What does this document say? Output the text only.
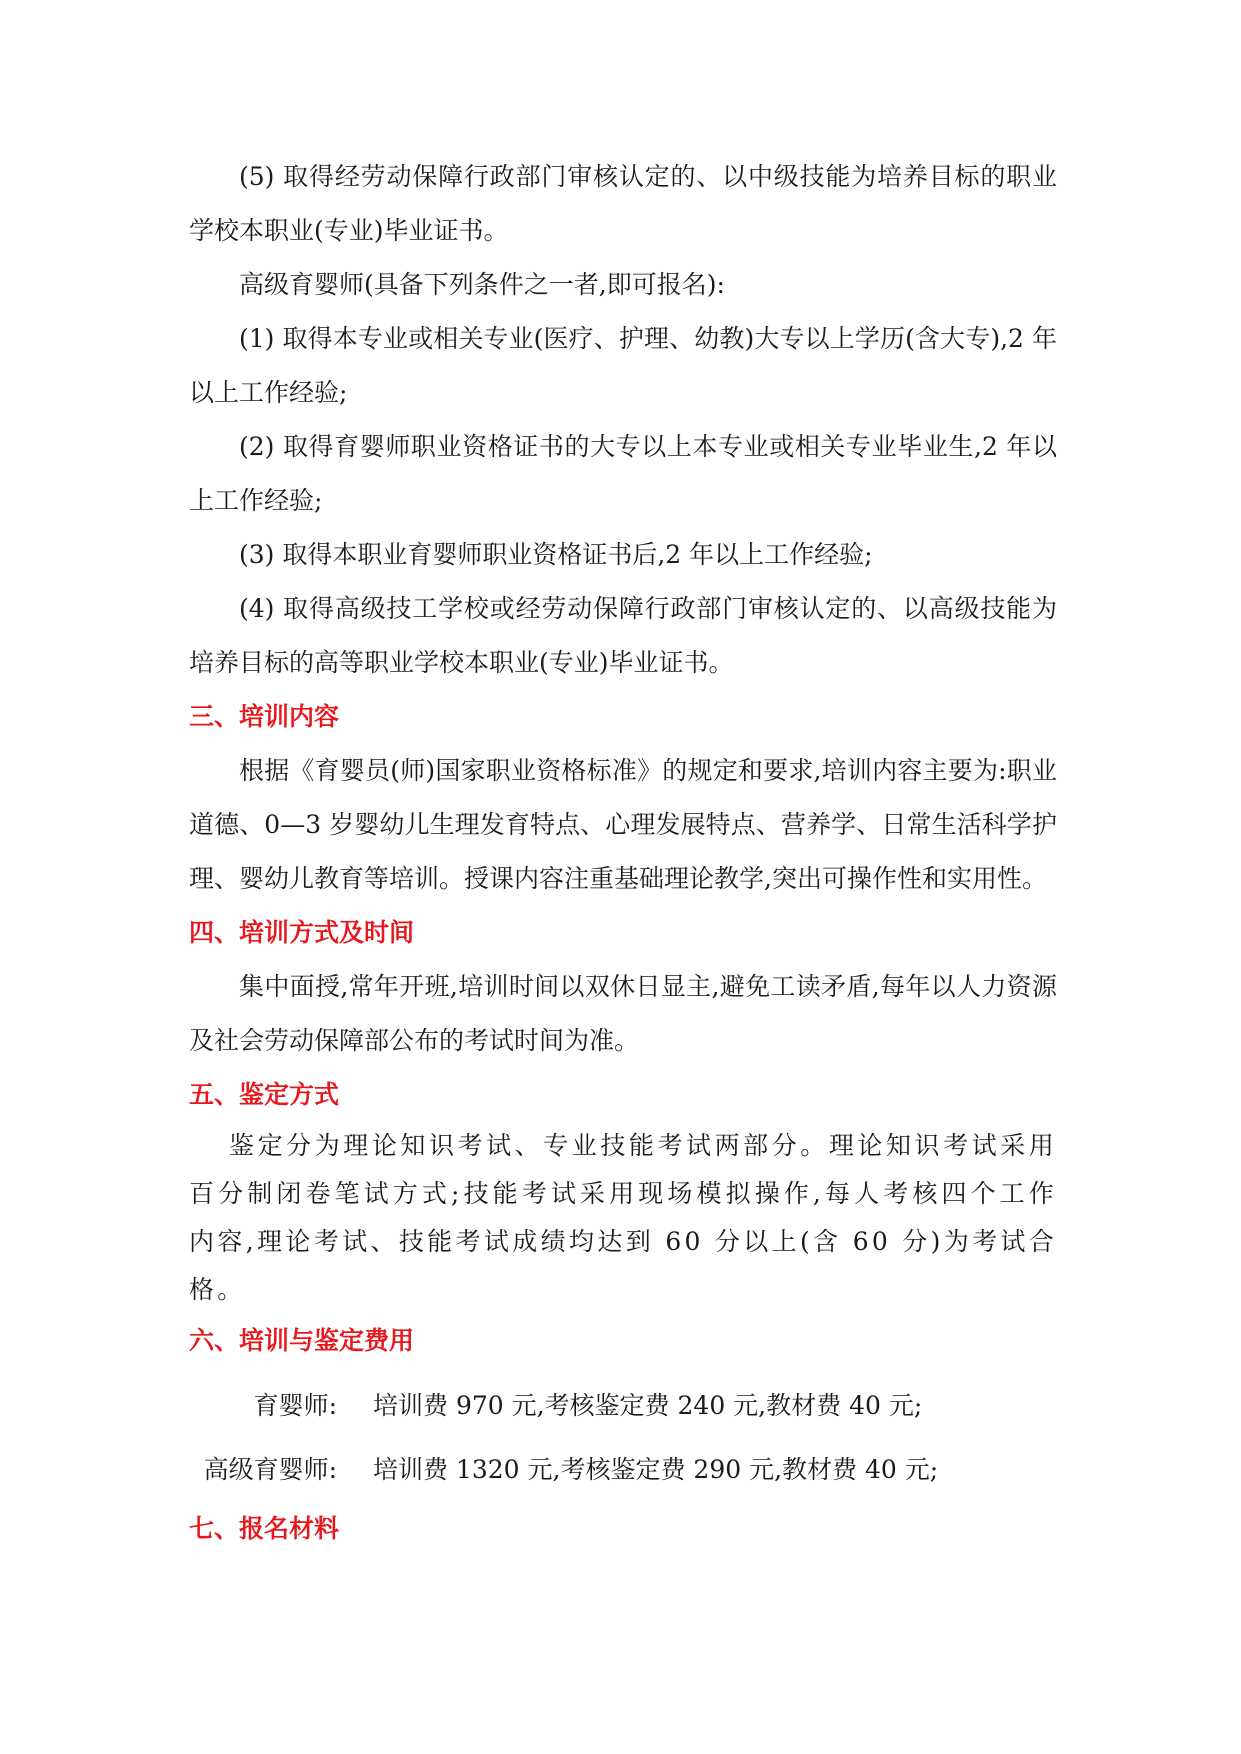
(5) 取得经劳动保障行政部门审核认定的、以中级技能为培养目标的职业学校本职业(专业)毕业证书。

高级育婴师(具备下列条件之一者,即可报名):

(1) 取得本专业或相关专业(医疗、护理、幼教)大专以上学历(含大专),2 年以上工作经验;

(2) 取得育婴师职业资格证书的大专以上本专业或相关专业毕业生,2 年以上工作经验;

(3) 取得本职业育婴师职业资格证书后,2 年以上工作经验;

(4) 取得高级技工学校或经劳动保障行政部门审核认定的、以高级技能为培养目标的高等职业学校本职业(专业)毕业证书。

三、培训内容

根据《育婴员(师)国家职业资格标准》的规定和要求,培训内容主要为:职业道德、0—3 岁婴幼儿生理发育特点、心理发展特点、营养学、日常生活科学护理、婴幼儿教育等培训。授课内容注重基础理论教学,突出可操作性和实用性。

四、培训方式及时间

集中面授,常年开班,培训时间以双休日显主,避免工读矛盾,每年以人力资源及社会劳动保障部公布的考试时间为准。

五、鉴定方式

鉴定分为理论知识考试、专业技能考试两部分。理论知识考试采用百分制闭卷笔试方式;技能考试采用现场模拟操作,每人考核四个工作内容,理论考试、技能考试成绩均达到 60 分以上(含 60 分)为考试合格。

六、培训与鉴定费用
育婴师: 培训费 970 元,考核鉴定费 240 元,教材费 40 元;
高级育婴师: 培训费 1320 元,考核鉴定费 290 元,教材费 40 元;
七、报名材料
